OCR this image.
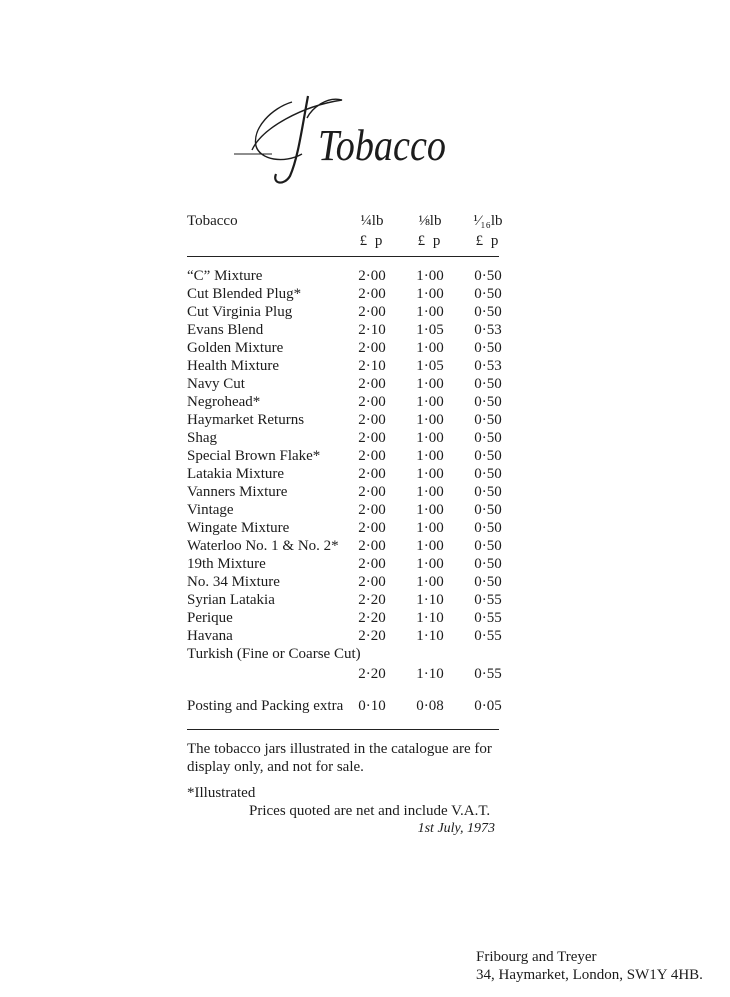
Tobacco
Tobacco	¼lb	⅛lb	¹⁄₁₆lb
£ p	£ p	£ p
“C” Mixture	2·00	1·00	0·50
Cut Blended Plug*	2·00	1·00	0·50
Cut Virginia Plug	2·00	1·00	0·50
Evans Blend	2·10	1·05	0·53
Golden Mixture	2·00	1·00	0·50
Health Mixture	2·10	1·05	0·53
Navy Cut	2·00	1·00	0·50
Negrohead*	2·00	1·00	0·50
Haymarket Returns	2·00	1·00	0·50
Shag	2·00	1·00	0·50
Special Brown Flake*	2·00	1·00	0·50
Latakia Mixture	2·00	1·00	0·50
Vanners Mixture	2·00	1·00	0·50
Vintage	2·00	1·00	0·50
Wingate Mixture	2·00	1·00	0·50
Waterloo No. 1 & No. 2*	2·00	1·00	0·50
19th Mixture	2·00	1·00	0·50
No. 34 Mixture	2·00	1·00	0·50
Syrian Latakia	2·20	1·10	0·55
Perique	2·20	1·10	0·55
Havana	2·20	1·10	0·55
Turkish (Fine or Coarse Cut)
2·20	1·10	0·55
Posting and Packing extra	0·10	0·08	0·05

The tobacco jars illustrated in the catalogue are for display only, and not for sale.

*Illustrated

Prices quoted are net and include V.A.T.

1st July, 1973

Fribourg and Treyer

34, Haymarket, London, SW1Y 4HB.
